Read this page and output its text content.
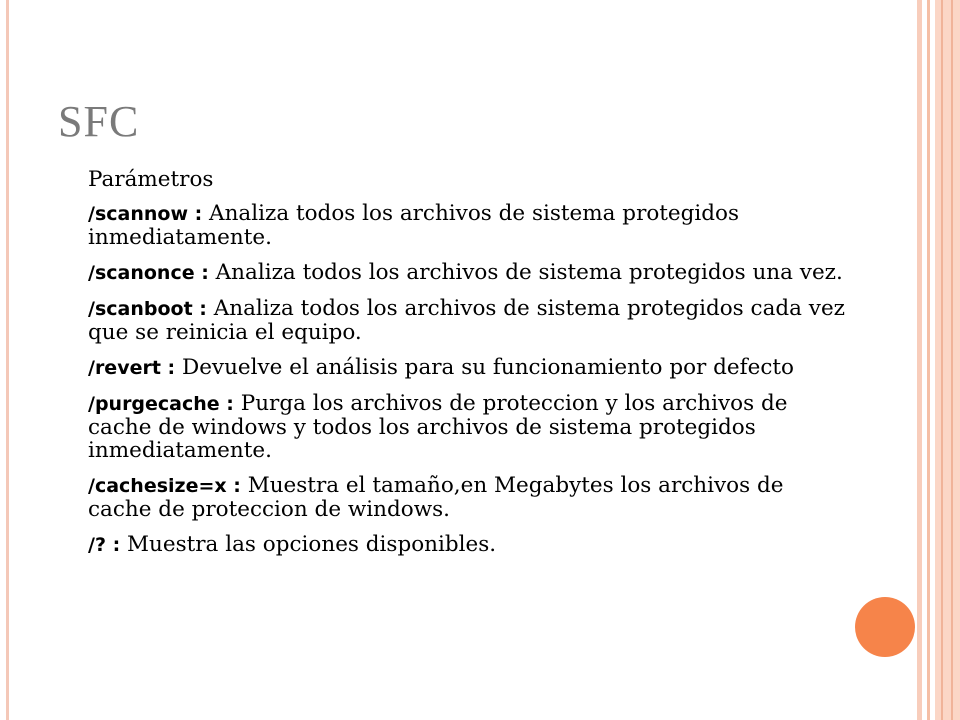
SFC

Parámetros

/scannow : Analiza todos los archivos de sistema protegidos inmediatamente.

/scanonce : Analiza todos los archivos de sistema protegidos una vez.

/scanboot : Analiza todos los archivos de sistema protegidos cada vez que se reinicia el equipo.

/revert : Devuelve el análisis para su funcionamiento por defecto

/purgecache : Purga los archivos de proteccion y los archivos de cache de windows y todos los archivos de sistema protegidos inmediatamente.

/cachesize=x : Muestra el tamaño,en Megabytes los archivos de cache de proteccion de windows.

/? : Muestra las opciones disponibles.
